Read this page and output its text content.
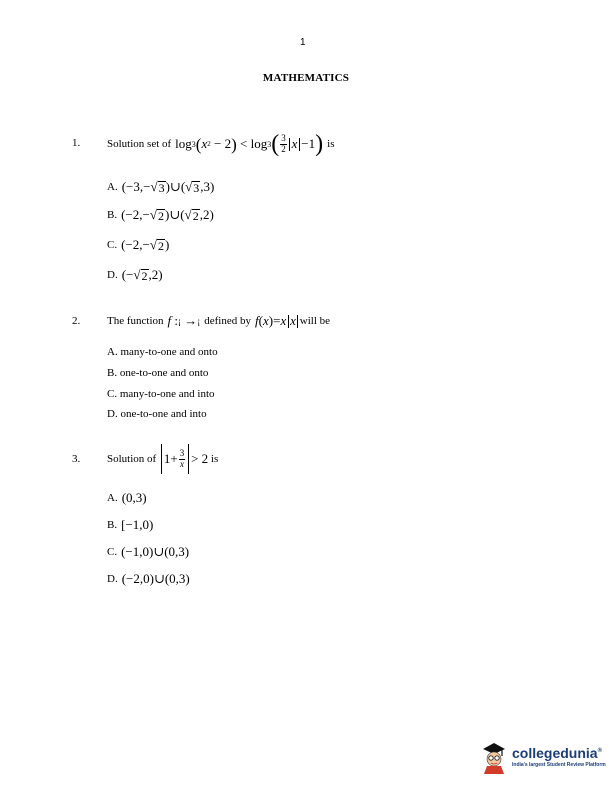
1
MATHEMATICS
1. Solution set of log 3 ( x 2
−
2 )
<
log 3 ( $\frac{3}{2}$ x − 1 ) is
A. (−3,− √ 3 )∪( √ 3 ,3)
B. (−2,− √ 2 )∪( √ 2 ,2)
C. (−2,− √ 2 )
D. (− √ 2 ,2)
2. The function f
: ¡
→ ¡ defined by f ( x ) = x x will be
A.
many-to-one and onto
B.
one-to-one and onto
C.
many-to-one and into
D.
one-to-one and into
3. Solution of
$1 + \frac{3}{x} > 2$
is
A. (0,3)
B. [−1,0)
C. (−1,0)∪(0,3)
D. (−2,0)∪(0,3)
collegedunia®
India's largest Student Review Platform
